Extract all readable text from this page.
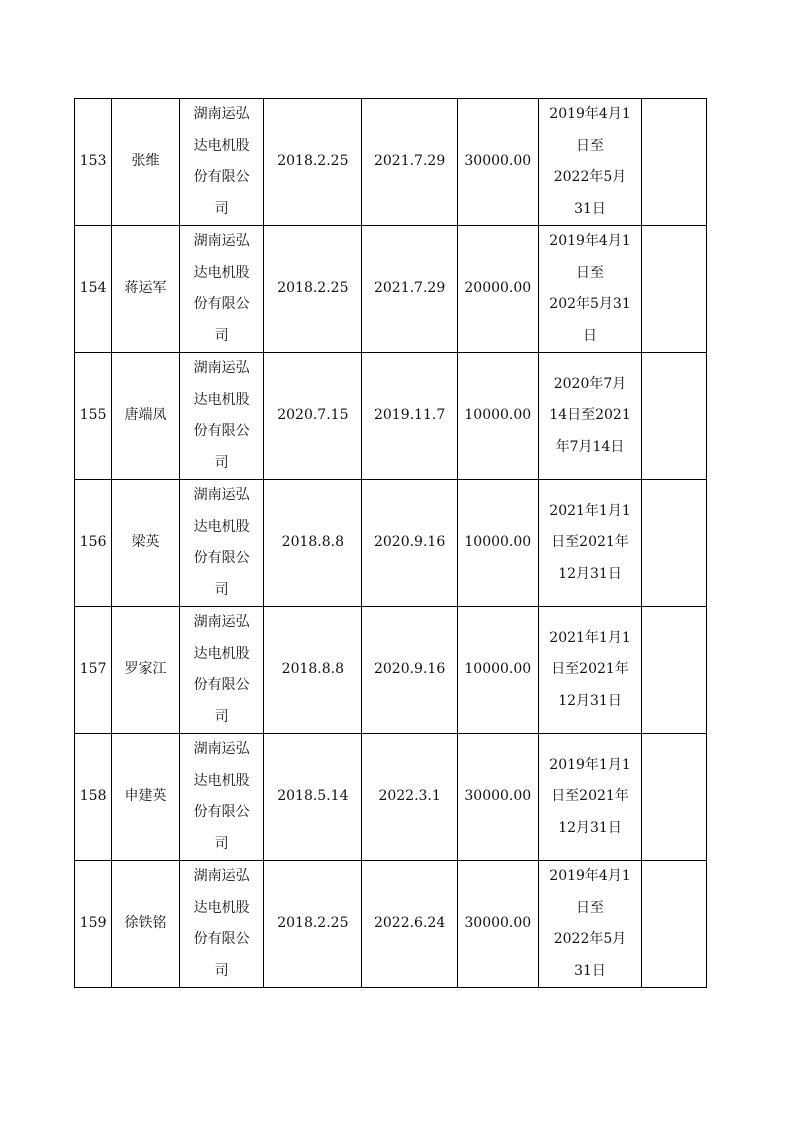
153	张维	湖南运弘
达电机股
份有限公
司	2018.2.25	2021.7.29	30000.00	2019年4月1
日至
2022年5月
31日	

154	蒋运军	湖南运弘
达电机股
份有限公
司	2018.2.25	2021.7.29	20000.00	2019年4月1
日至
202年5月31
日	

155	唐端凤	湖南运弘
达电机股
份有限公
司	2020.7.15	2019.11.7	10000.00	2020年7月
14日至2021
年7月14日	

156	梁英	湖南运弘
达电机股
份有限公
司	2018.8.8	2020.9.16	10000.00	2021年1月1
日至2021年
12月31日	

157	罗家江	湖南运弘
达电机股
份有限公
司	2018.8.8	2020.9.16	10000.00	2021年1月1
日至2021年
12月31日	

158	申建英	湖南运弘
达电机股
份有限公
司	2018.5.14	2022.3.1	30000.00	2019年1月1
日至2021年
12月31日	

159	徐铁铭	湖南运弘
达电机股
份有限公
司	2018.2.25	2022.6.24	30000.00	2019年4月1
日至
2022年5月
31日	
